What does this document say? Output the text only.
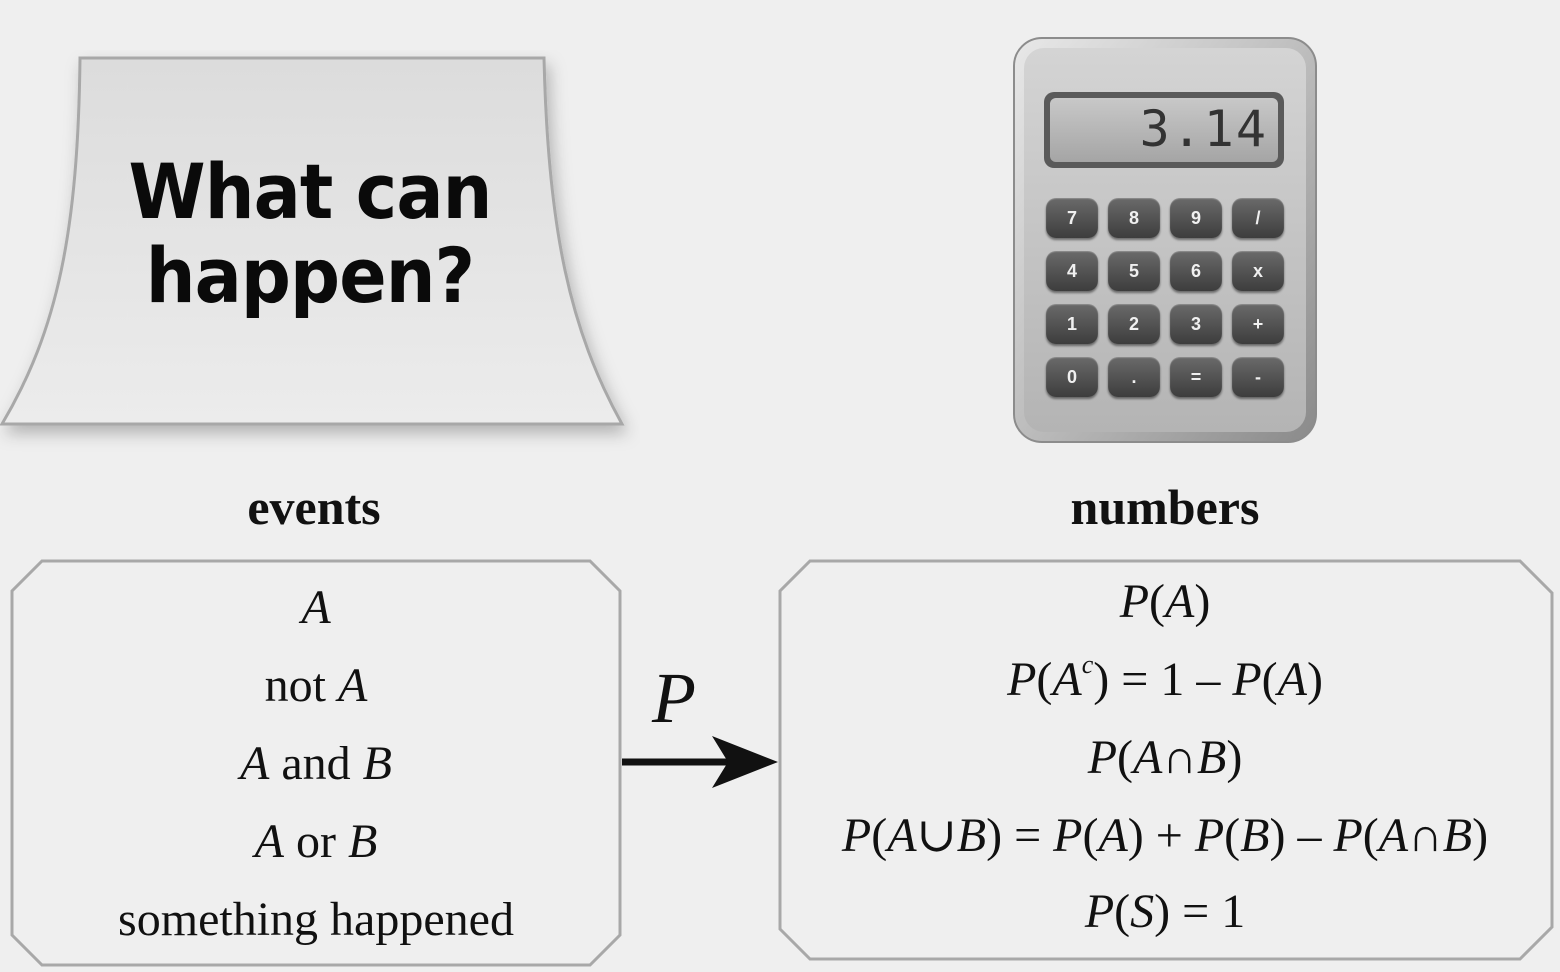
What can
happen?
3.14
7	8	9	/
4	5	6	x
1	2	3	+
0	.	=	-
events	numbers
A
not A
A and B
A or B
something happened
P
P(A)
$P(A^c) = 1 - P(A)$
P(A∩B)
P(A∪B) = P(A) + P(B) – P(A∩B)
P(S) = 1
